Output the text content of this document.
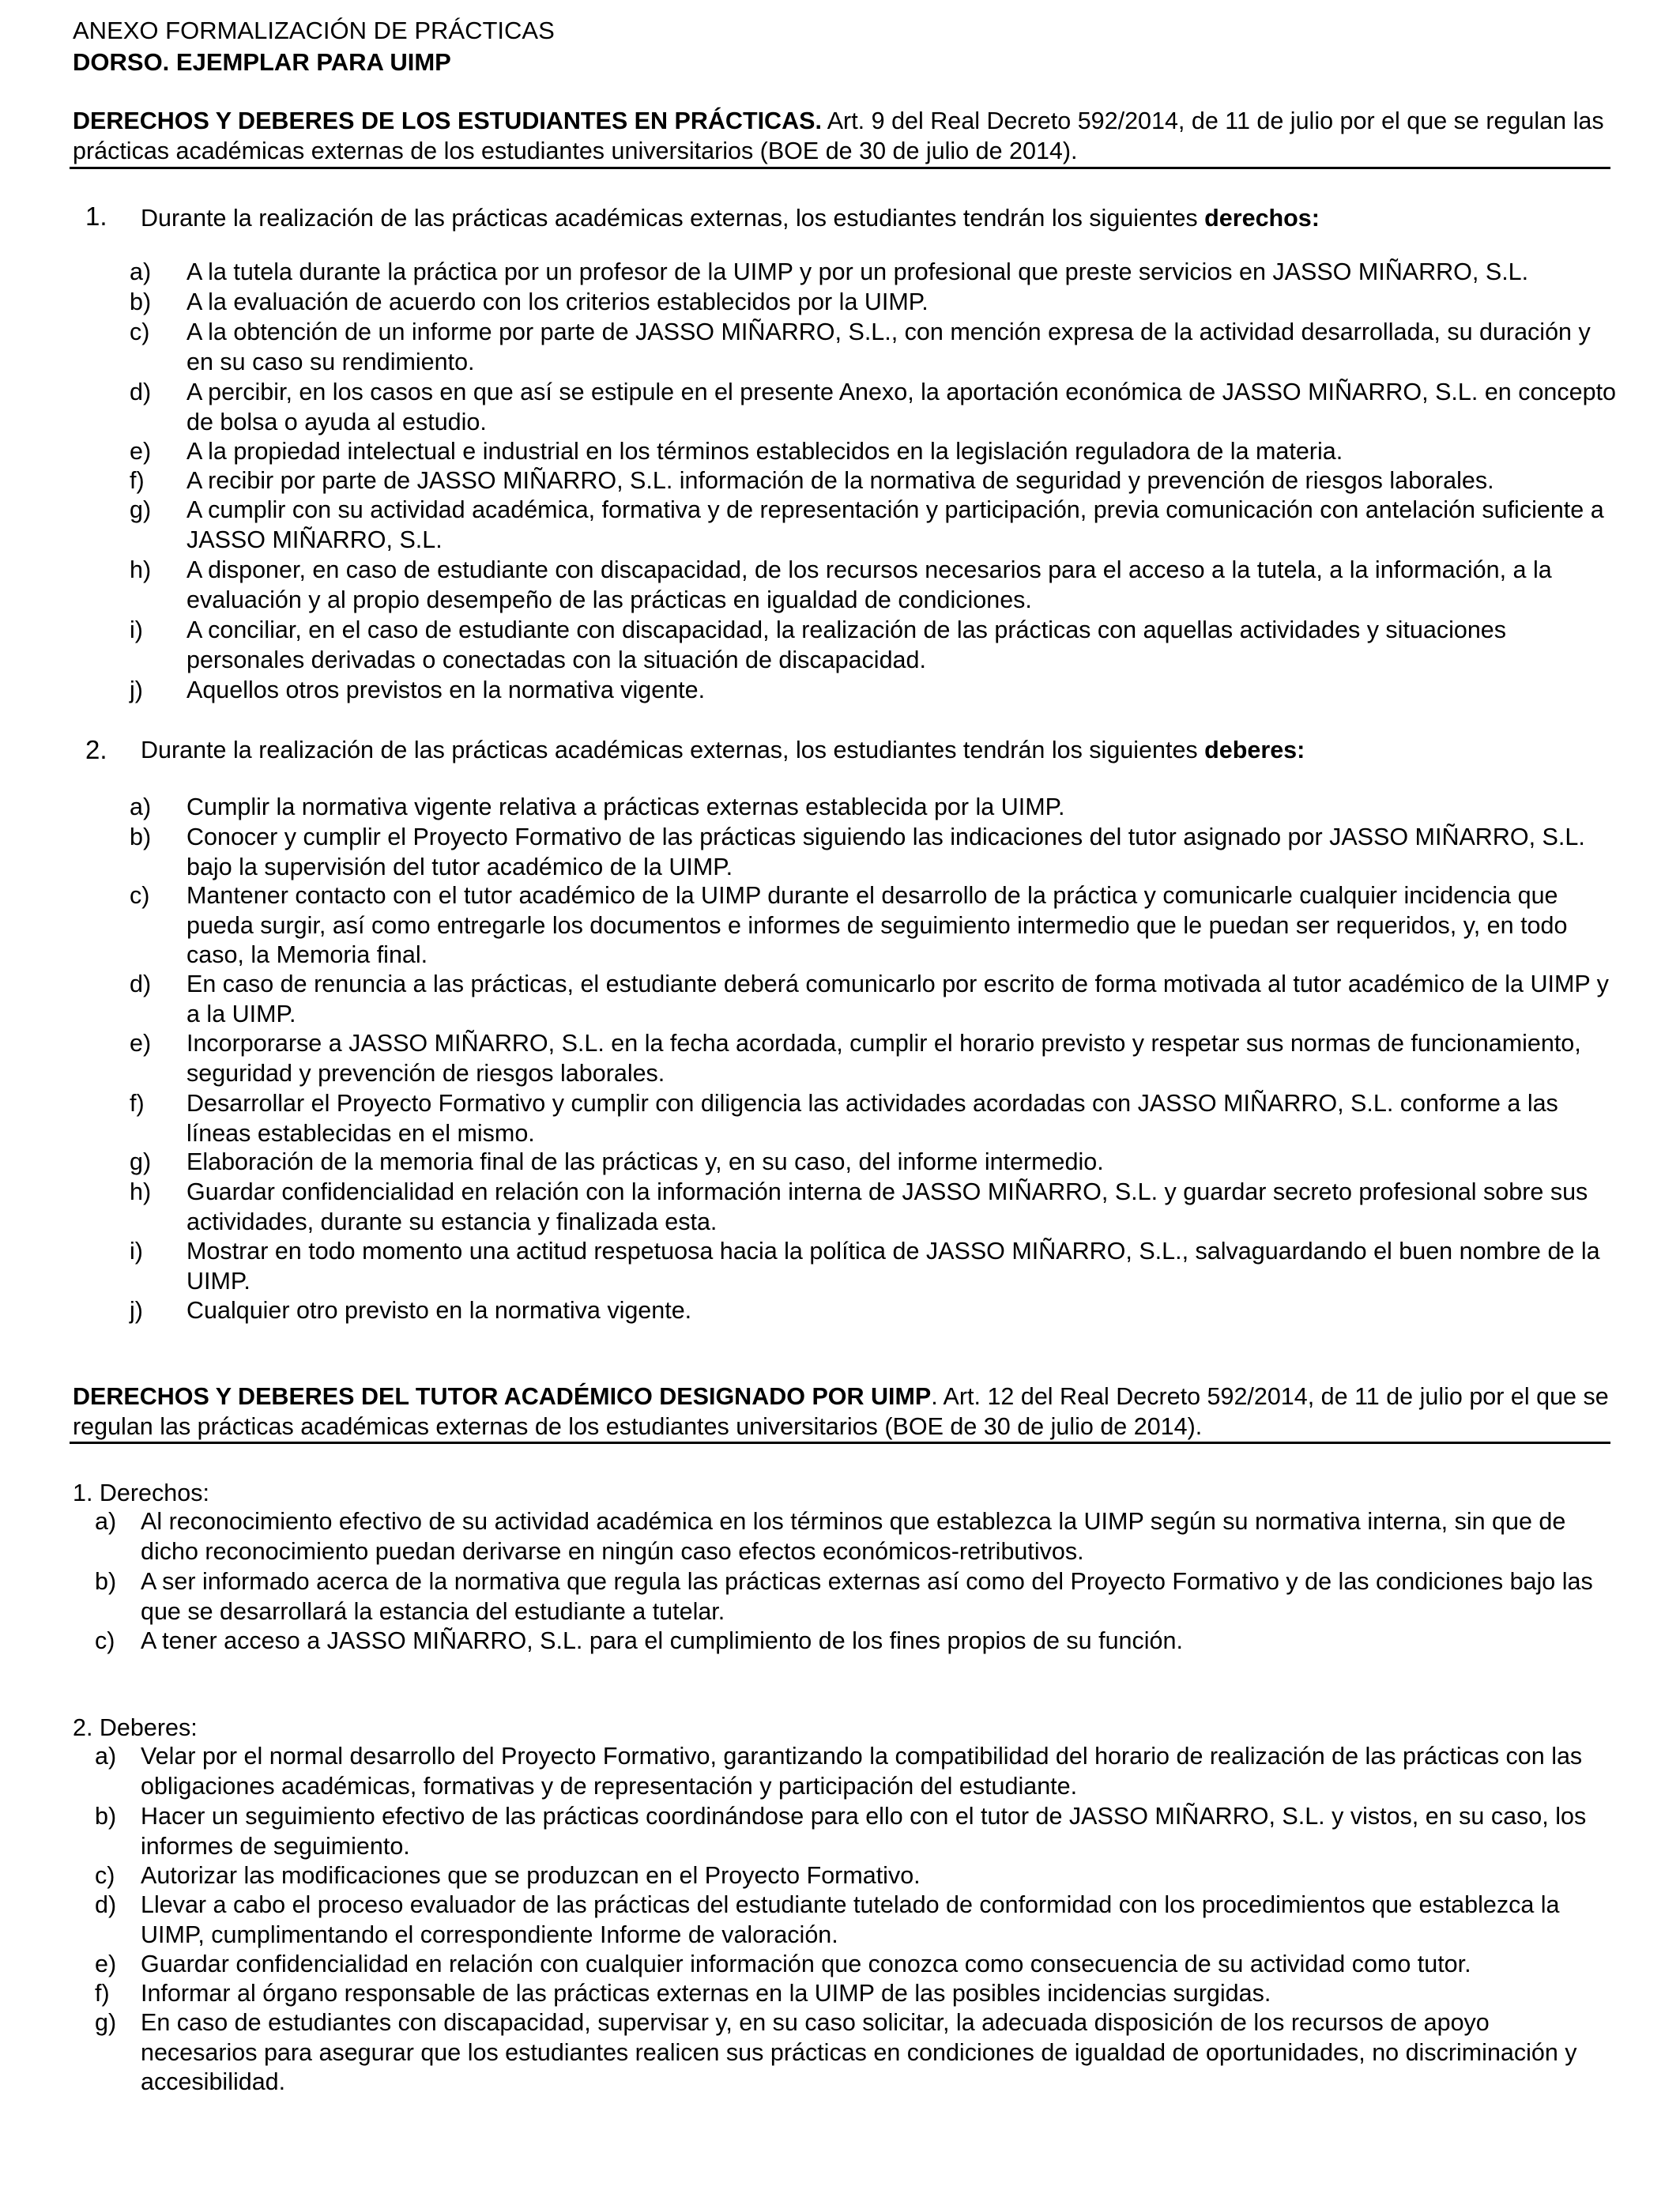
ANEXO FORMALIZACIÓN DE PRÁCTICAS
DORSO. EJEMPLAR PARA UIMP
DERECHOS Y DEBERES DE LOS ESTUDIANTES EN PRÁCTICAS. Art. 9 del Real Decreto 592/2014, de 11 de julio por el que se regulan las prácticas académicas externas de los estudiantes universitarios (BOE de 30 de julio de 2014).
1. Durante la realización de las prácticas académicas externas, los estudiantes tendrán los siguientes derechos:
a) A la tutela durante la práctica por un profesor de la UIMP y por un profesional que preste servicios en JASSO MIÑARRO, S.L.
b) A la evaluación de acuerdo con los criterios establecidos por la UIMP.
c) A la obtención de un informe por parte de JASSO MIÑARRO, S.L., con mención expresa de la actividad desarrollada, su duración y en su caso su rendimiento.
d) A percibir, en los casos en que así se estipule en el presente Anexo, la aportación económica de JASSO MIÑARRO, S.L. en concepto de bolsa o ayuda al estudio.
e) A la propiedad intelectual e industrial en los términos establecidos en la legislación reguladora de la materia.
f) A recibir por parte de JASSO MIÑARRO, S.L. información de la normativa de seguridad y prevención de riesgos laborales.
g) A cumplir con su actividad académica, formativa y de representación y participación, previa comunicación con antelación suficiente a JASSO MIÑARRO, S.L.
h) A disponer, en caso de estudiante con discapacidad, de los recursos necesarios para el acceso a la tutela, a la información, a la evaluación y al propio desempeño de las prácticas en igualdad de condiciones.
i) A conciliar, en el caso de estudiante con discapacidad, la realización de las prácticas con aquellas actividades y situaciones personales derivadas o conectadas con la situación de discapacidad.
j) Aquellos otros previstos en la normativa vigente.
2. Durante la realización de las prácticas académicas externas, los estudiantes tendrán los siguientes deberes:
a) Cumplir la normativa vigente relativa a prácticas externas establecida por la UIMP.
b) Conocer y cumplir el Proyecto Formativo de las prácticas siguiendo las indicaciones del tutor asignado por JASSO MIÑARRO, S.L. bajo la supervisión del tutor académico de la UIMP.
c) Mantener contacto con el tutor académico de la UIMP durante el desarrollo de la práctica y comunicarle cualquier incidencia que pueda surgir, así como entregarle los documentos e informes de seguimiento intermedio que le puedan ser requeridos, y, en todo caso, la Memoria final.
d) En caso de renuncia a las prácticas, el estudiante deberá comunicarlo por escrito de forma motivada al tutor académico de la UIMP y a la UIMP.
e) Incorporarse a JASSO MIÑARRO, S.L. en la fecha acordada, cumplir el horario previsto y respetar sus normas de funcionamiento, seguridad y prevención de riesgos laborales.
f) Desarrollar el Proyecto Formativo y cumplir con diligencia las actividades acordadas con JASSO MIÑARRO, S.L. conforme a las líneas establecidas en el mismo.
g) Elaboración de la memoria final de las prácticas y, en su caso, del informe intermedio.
h) Guardar confidencialidad en relación con la información interna de JASSO MIÑARRO, S.L. y guardar secreto profesional sobre sus actividades, durante su estancia y finalizada esta.
i) Mostrar en todo momento una actitud respetuosa hacia la política de JASSO MIÑARRO, S.L., salvaguardando el buen nombre de la UIMP.
j) Cualquier otro previsto en la normativa vigente.
DERECHOS Y DEBERES DEL TUTOR ACADÉMICO DESIGNADO POR UIMP. Art. 12 del Real Decreto 592/2014, de 11 de julio por el que se regulan las prácticas académicas externas de los estudiantes universitarios (BOE de 30 de julio de 2014).
1. Derechos:
a) Al reconocimiento efectivo de su actividad académica en los términos que establezca la UIMP según su normativa interna, sin que de dicho reconocimiento puedan derivarse en ningún caso efectos económicos-retributivos.
b) A ser informado acerca de la normativa que regula las prácticas externas así como del Proyecto Formativo y de las condiciones bajo las que se desarrollará la estancia del estudiante a tutelar.
c) A tener acceso a JASSO MIÑARRO, S.L. para el cumplimiento de los fines propios de su función.
2. Deberes:
a) Velar por el normal desarrollo del Proyecto Formativo, garantizando la compatibilidad del horario de realización de las prácticas con las obligaciones académicas, formativas y de representación y participación del estudiante.
b) Hacer un seguimiento efectivo de las prácticas coordinándose para ello con el tutor de JASSO MIÑARRO, S.L. y vistos, en su caso, los informes de seguimiento.
c) Autorizar las modificaciones que se produzcan en el Proyecto Formativo.
d) Llevar a cabo el proceso evaluador de las prácticas del estudiante tutelado de conformidad con los procedimientos que establezca la UIMP, cumplimentando el correspondiente Informe de valoración.
e) Guardar confidencialidad en relación con cualquier información que conozca como consecuencia de su actividad como tutor.
f) Informar al órgano responsable de las prácticas externas en la UIMP de las posibles incidencias surgidas.
g) En caso de estudiantes con discapacidad, supervisar y, en su caso solicitar, la adecuada disposición de los recursos de apoyo necesarios para asegurar que los estudiantes realicen sus prácticas en condiciones de igualdad de oportunidades, no discriminación y accesibilidad.
